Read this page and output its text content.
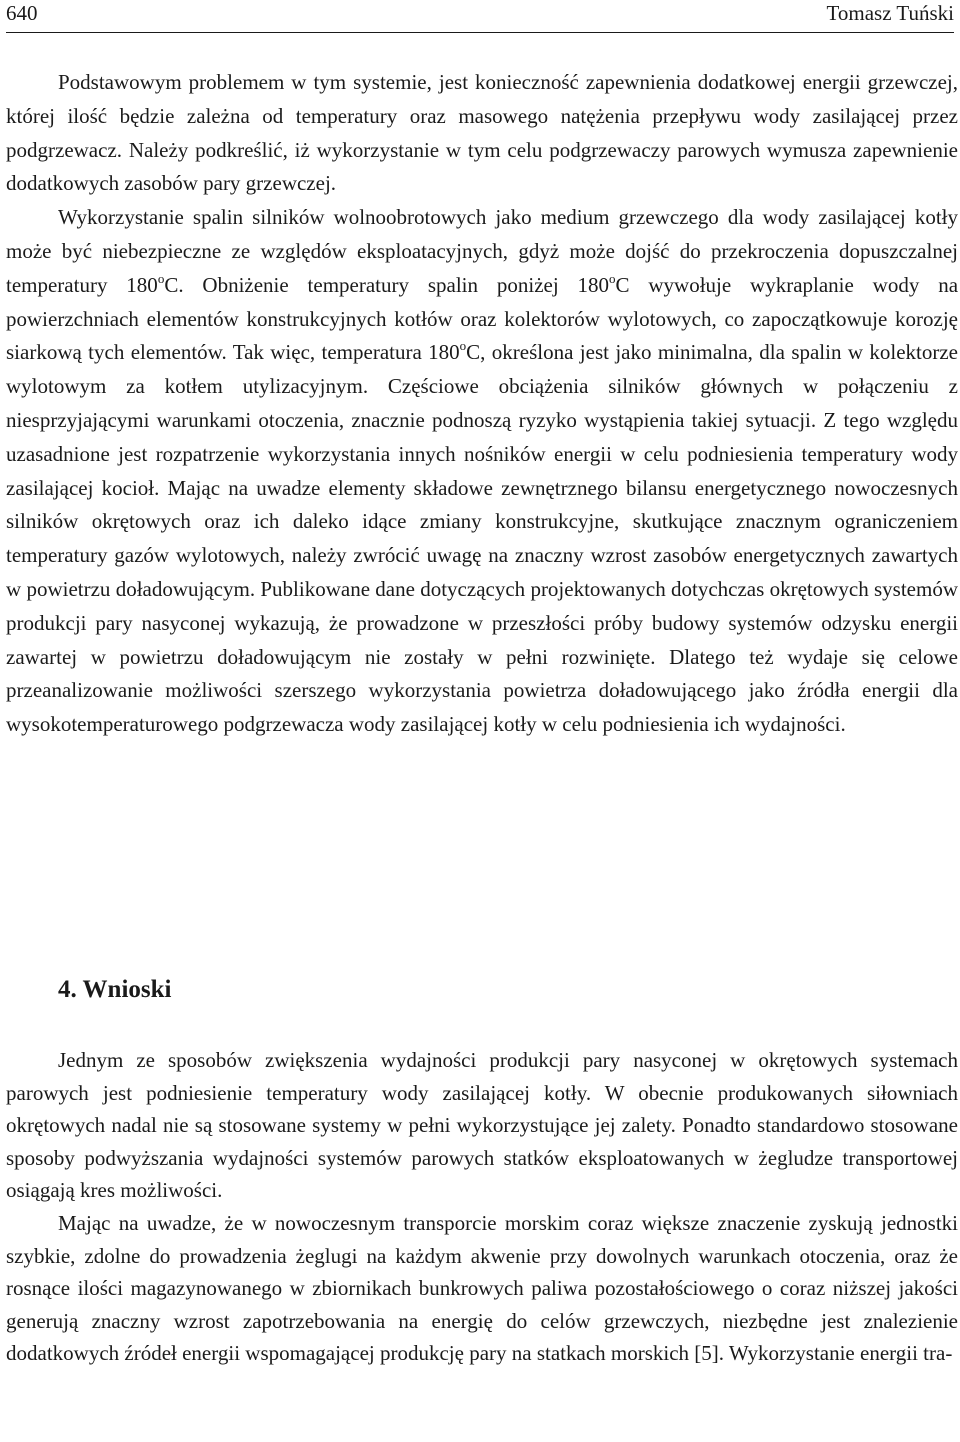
640	Tomasz Tuński

Podstawowym problemem w tym systemie, jest konieczność zapewnienia dodatkowej energii grzewczej, której ilość będzie zależna od temperatury oraz masowego natężenia przepływu wody zasilającej przez podgrzewacz. Należy podkreślić, iż wykorzystanie w tym celu podgrzewaczy parowych wymusza zapewnienie dodatkowych zasobów pary grzewczej.

Wykorzystanie spalin silników wolnoobrotowych jako medium grzewczego dla wody zasilającej kotły może być niebezpieczne ze względów eksploatacyjnych, gdyż może dojść do przekroczenia dopuszczalnej temperatury 180$^o$C. Obniżenie temperatury spalin poniżej 180$^o$C wywołuje wykraplanie wody na powierzchniach elementów konstrukcyjnych kotłów oraz kolektorów wylotowych, co zapoczątkowuje korozję siarkową tych elementów. Tak więc, temperatura 180$^o$C, określona jest jako minimalna, dla spalin w kolektorze wylotowym za kotłem utylizacyjnym. Częściowe obciążenia silników głównych w połączeniu z niesprzyjającymi warunkami otoczenia, znacznie podnoszą ryzyko wystąpienia takiej sytuacji. Z tego względu uzasadnione jest rozpatrzenie wykorzystania innych nośników energii w celu podniesienia temperatury wody zasilającej kocioł. Mając na uwadze elementy składowe zewnętrznego bilansu energetycznego nowoczesnych silników okrętowych oraz ich daleko idące zmiany konstrukcyjne, skutkujące znacznym ograniczeniem temperatury gazów wylotowych, należy zwrócić uwagę na znaczny wzrost zasobów energetycznych zawartych w powietrzu doładowującym. Publikowane dane dotyczących projektowanych dotychczas okrętowych systemów produkcji pary nasyconej wykazują, że prowadzone w przeszłości próby budowy systemów odzysku energii zawartej w powietrzu doładowującym nie zostały w pełni rozwinięte. Dlatego też wydaje się celowe przeanalizowanie możliwości szerszego wykorzystania powietrza doładowującego jako źródła energii dla wysokotemperaturowego podgrzewacza wody zasilającej kotły w celu podniesienia ich wydajności.

4. Wnioski

Jednym ze sposobów zwiększenia wydajności produkcji pary nasyconej w okrętowych systemach parowych jest podniesienie temperatury wody zasilającej kotły. W obecnie produkowanych siłowniach okrętowych nadal nie są stosowane systemy w pełni wykorzystujące jej zalety. Ponadto standardowo stosowane sposoby podwyższania wydajności systemów parowych statków eksploatowanych w żegludze transportowej osiągają kres możliwości.

Mając na uwadze, że w nowoczesnym transporcie morskim coraz większe znaczenie zyskują jednostki szybkie, zdolne do prowadzenia żeglugi na każdym akwenie przy dowolnych warunkach otoczenia, oraz że rosnące ilości magazynowanego w zbiornikach bunkrowych paliwa pozostałościowego o coraz niższej jakości generują znaczny wzrost zapotrzebowania na energię do celów grzewczych, niezbędne jest znalezienie dodatkowych źródeł energii wspomagającej produkcję pary na statkach morskich [5]. Wykorzystanie energii tra-
